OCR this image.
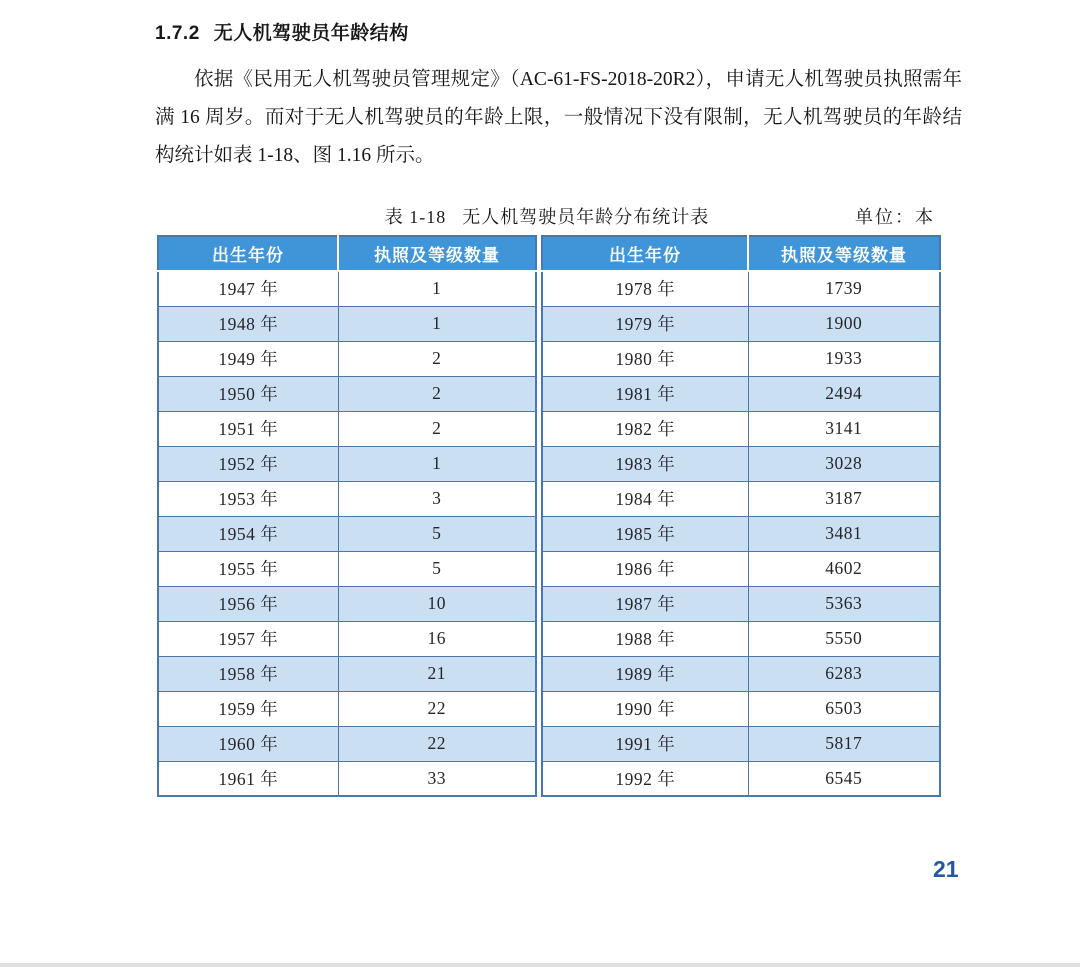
1.7.2 无人机驾驶员年龄结构

依据《民用无人机驾驶员管理规定》（AC-61-FS-2018-20R2），申请无人机驾驶员执照需年满 16 周岁。而对于无人机驾驶员的年龄上限，一般情况下没有限制，无人机驾驶员的年龄结构统计如表 1-18、图 1.16 所示。

表 1-18 无人机驾驶员年龄分布统计表	单位：本
出生年份	执照及等级数量
1947 年	1
1948 年	1
1949 年	2
1950 年	2
1951 年	2
1952 年	1
1953 年	3
1954 年	5
1955 年	5
1956 年	10
1957 年	16
1958 年	21
1959 年	22
1960 年	22
1961 年	33
出生年份	执照及等级数量
1978 年	1739
1979 年	1900
1980 年	1933
1981 年	2494
1982 年	3141
1983 年	3028
1984 年	3187
1985 年	3481
1986 年	4602
1987 年	5363
1988 年	5550
1989 年	6283
1990 年	6503
1991 年	5817
1992 年	6545
21
